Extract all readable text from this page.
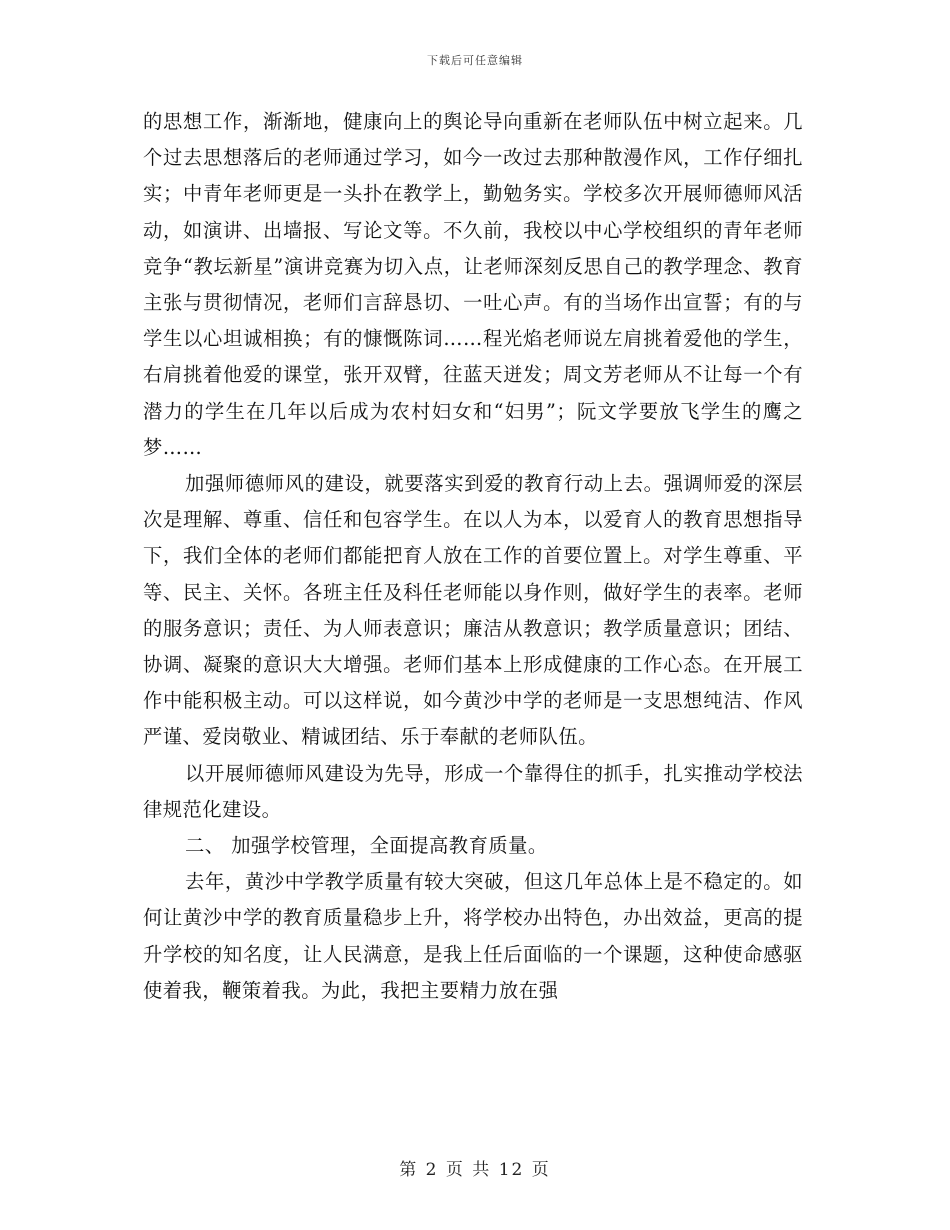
下载后可任意编辑

的思想工作，渐渐地，健康向上的舆论导向重新在老师队伍中树立起来。几个过去思想落后的老师通过学习，如今一改过去那种散漫作风，工作仔细扎实；中青年老师更是一头扑在教学上，勤勉务实。学校多次开展师德师风活动，如演讲、出墙报、写论文等。不久前，我校以中心学校组织的青年老师竞争“教坛新星”演讲竞赛为切入点，让老师深刻反思自己的教学理念、教育主张与贯彻情况，老师们言辞恳切、一吐心声。有的当场作出宣誓；有的与学生以心坦诚相换；有的慷慨陈词……程光焰老师说左肩挑着爱他的学生，右肩挑着他爱的课堂，张开双臂，往蓝天迸发；周文芳老师从不让每一个有潜力的学生在几年以后成为农村妇女和“妇男”；阮文学要放飞学生的鹰之梦……

加强师德师风的建设，就要落实到爱的教育行动上去。强调师爱的深层次是理解、尊重、信任和包容学生。在以人为本，以爱育人的教育思想指导下，我们全体的老师们都能把育人放在工作的首要位置上。对学生尊重、平等、民主、关怀。各班主任及科任老师能以身作则，做好学生的表率。老师的服务意识；责任、为人师表意识；廉洁从教意识；教学质量意识；团结、协调、凝聚的意识大大增强。老师们基本上形成健康的工作心态。在开展工作中能积极主动。可以这样说，如今黄沙中学的老师是一支思想纯洁、作风严谨、爱岗敬业、精诚团结、乐于奉献的老师队伍。

以开展师德师风建设为先导，形成一个靠得住的抓手，扎实推动学校法律规范化建设。

二、 加强学校管理，全面提高教育质量。

去年，黄沙中学教学质量有较大突破，但这几年总体上是不稳定的。如何让黄沙中学的教育质量稳步上升，将学校办出特色，办出效益，更高的提升学校的知名度，让人民满意，是我上任后面临的一个课题，这种使命感驱使着我，鞭策着我。为此，我把主要精力放在强

第 2 页 共 12 页
